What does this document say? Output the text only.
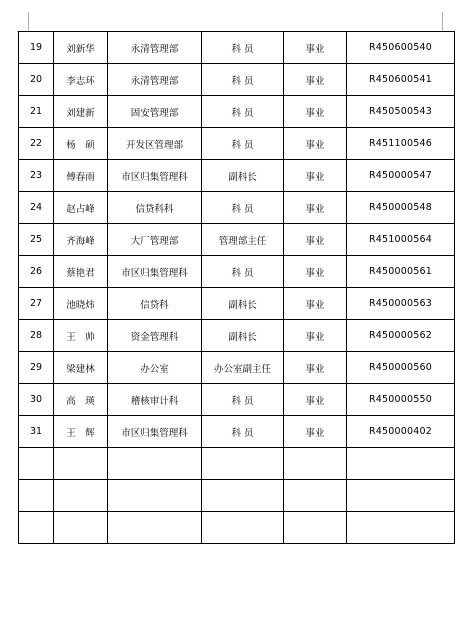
19	刘新华	永清管理部	科 员	事业	R450600540
20	李志环	永清管理部	科 员	事业	R450600541
21	刘建新	固安管理部	科 员	事业	R450500543
22	杨　硕	开发区管理部	科 员	事业	R451100546
23	傅春雨	市区归集管理科	副科长	事业	R450000547
24	赵占峰	信贷科科	科 员	事业	R450000548
25	齐海峰	大厂管理部	管理部主任	事业	R451000564
26	蔡艳君	市区归集管理科	科 员	事业	R450000561
27	池晓炜	信贷科	副科长	事业	R450000563
28	王　帅	资金管理科	副科长	事业	R450000562
29	梁建林	办公室	办公室副主任	事业	R450000560
30	高　瑛	稽核审计科	科 员	事业	R450000550
31	王　辉	市区归集管理科	科 员	事业	R450000402
